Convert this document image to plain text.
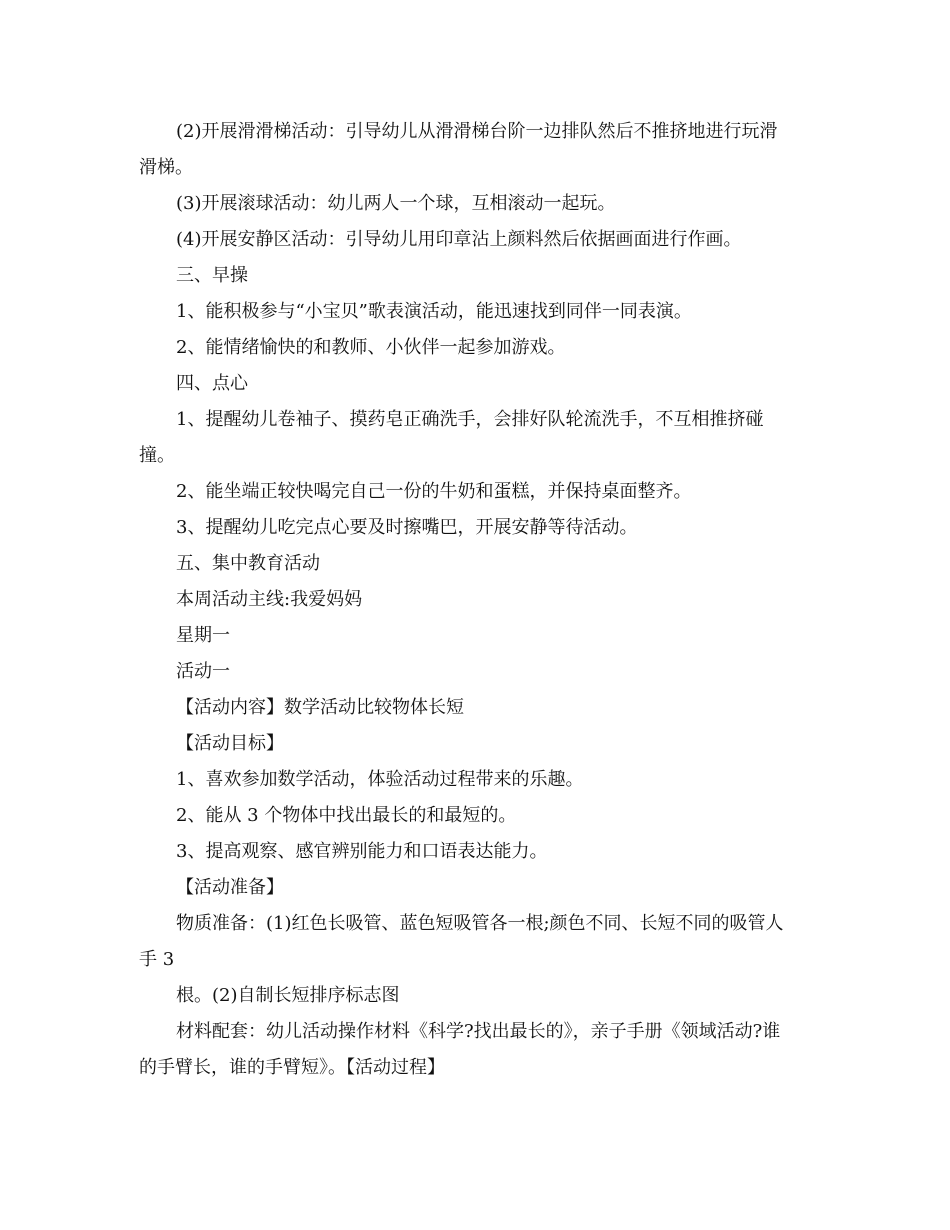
(2)开展滑滑梯活动：引导幼儿从滑滑梯台阶一边排队然后不推挤地进行玩滑
滑梯。
(3)开展滚球活动：幼儿两人一个球，互相滚动一起玩。
(4)开展安静区活动：引导幼儿用印章沾上颜料然后依据画面进行作画。
三、早操
1、能积极参与“小宝贝”歌表演活动，能迅速找到同伴一同表演。
2、能情绪愉快的和教师、小伙伴一起参加游戏。
四、点心
1、提醒幼儿卷袖子、摸药皂正确洗手，会排好队轮流洗手，不互相推挤碰
撞。
2、能坐端正较快喝完自己一份的牛奶和蛋糕，并保持桌面整齐。
3、提醒幼儿吃完点心要及时擦嘴巴，开展安静等待活动。
五、集中教育活动
本周活动主线:我爱妈妈
星期一
活动一
【活动内容】数学活动比较物体长短
【活动目标】
1、喜欢参加数学活动，体验活动过程带来的乐趣。
2、能从 3 个物体中找出最长的和最短的。
3、提高观察、感官辨别能力和口语表达能力。
【活动准备】
物质准备：(1)红色长吸管、蓝色短吸管各一根;颜色不同、长短不同的吸管人
手 3
根。(2)自制长短排序标志图
材料配套：幼儿活动操作材料《科学?找出最长的》，亲子手册《领域活动?谁
的手臂长，谁的手臂短》。【活动过程】
